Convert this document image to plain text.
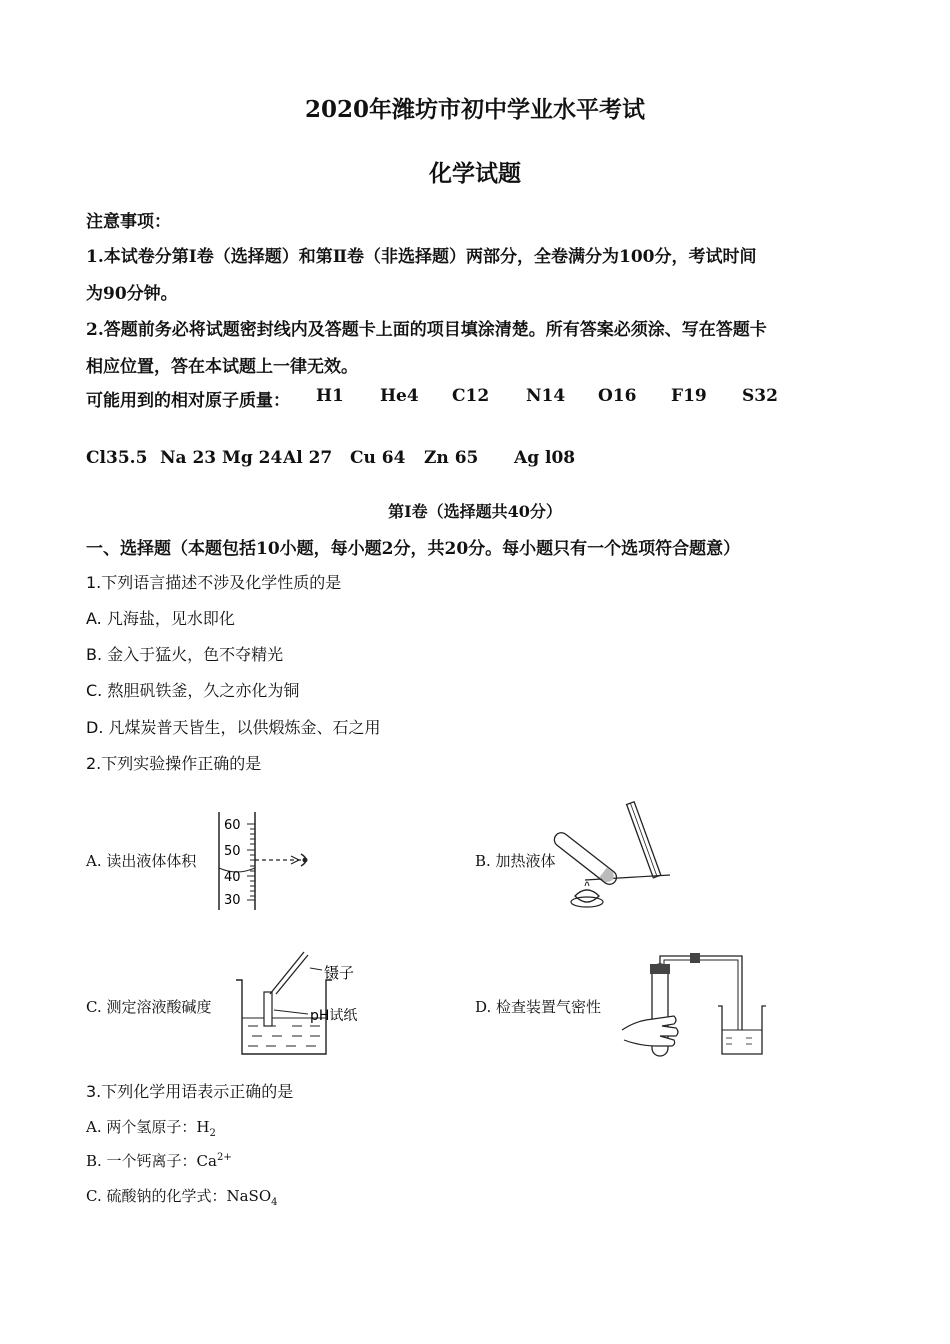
2020年潍坊市初中学业水平考试
化学试题
注意事项：
1.本试卷分第Ⅰ卷（选择题）和第Ⅱ卷（非选择题）两部分，全卷满分为100分，考试时间
为90分钟。
2.答题前务必将试题密封线内及答题卡上面的项目填涂清楚。所有答案必须涂、写在答题卡
相应位置，答在本试题上一律无效。
可能用到的相对原子质量： H1 He4 C12 N14 O16 F19 S32
Cl35.5 Na 23 Mg 24 Al 27 Cu 64 Zn 65 Ag l08
第I卷（选择题共40分）
一、选择题（本题包括10小题，每小题2分，共20分。每小题只有一个选项符合题意）
1.下列语言描述不涉及化学性质的是
A. 凡海盐，见水即化
B. 金入于猛火，色不夺精光
C. 熬胆矾铁釜，久之亦化为铜
D. 凡煤炭普天皆生，以供煅炼金、石之用
2.下列实验操作正确的是
A. 读出液体体积	B. 加热液体
C. 测定溶液酸碱度	D. 检查装置气密性
60
50
40
30
镊子
pH试纸
3.下列化学用语表示正确的是
A. 两个氢原子：$H_2$
B. 一个钙离子：$Ca^{2+}$
C. 硫酸钠的化学式：NaSO$_4$
